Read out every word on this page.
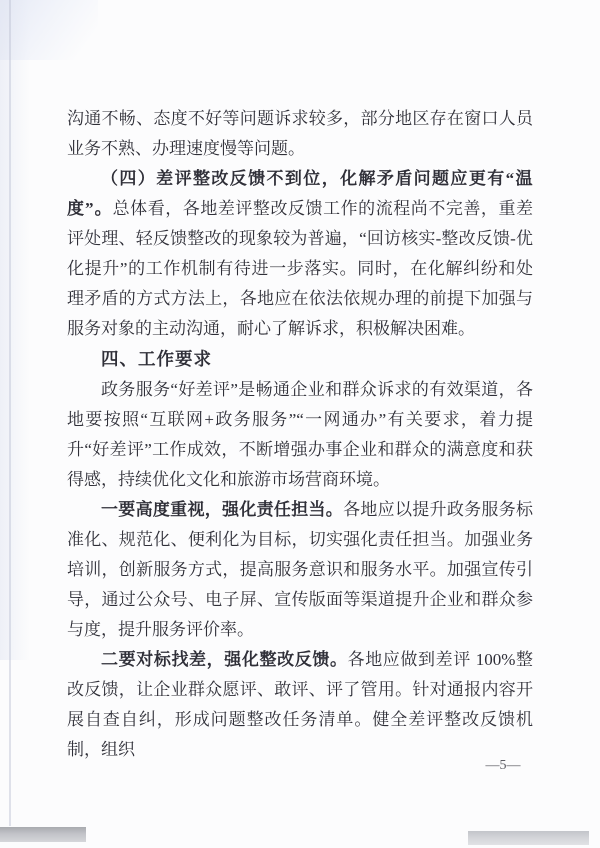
沟通不畅、态度不好等问题诉求较多，部分地区存在窗口人员业务不熟、办理速度慢等问题。
（四）差评整改反馈不到位，化解矛盾问题应更有“温度”。总体看，各地差评整改反馈工作的流程尚不完善，重差评处理、轻反馈整改的现象较为普遍，“回访核实-整改反馈-优化提升”的工作机制有待进一步落实。同时，在化解纠纷和处理矛盾的方式方法上，各地应在依法依规办理的前提下加强与服务对象的主动沟通，耐心了解诉求，积极解决困难。
四、工作要求
政务服务“好差评”是畅通企业和群众诉求的有效渠道，各地要按照“互联网+政务服务”“一网通办”有关要求，着力提升“好差评”工作成效，不断增强办事企业和群众的满意度和获得感，持续优化文化和旅游市场营商环境。
一要高度重视，强化责任担当。各地应以提升政务服务标准化、规范化、便利化为目标，切实强化责任担当。加强业务培训，创新服务方式，提高服务意识和服务水平。加强宣传引导，通过公众号、电子屏、宣传版面等渠道提升企业和群众参与度，提升服务评价率。
二要对标找差，强化整改反馈。各地应做到差评 100%整改反馈，让企业群众愿评、敢评、评了管用。针对通报内容开展自查自纠，形成问题整改任务清单。健全差评整改反馈机制，组织
—5—
